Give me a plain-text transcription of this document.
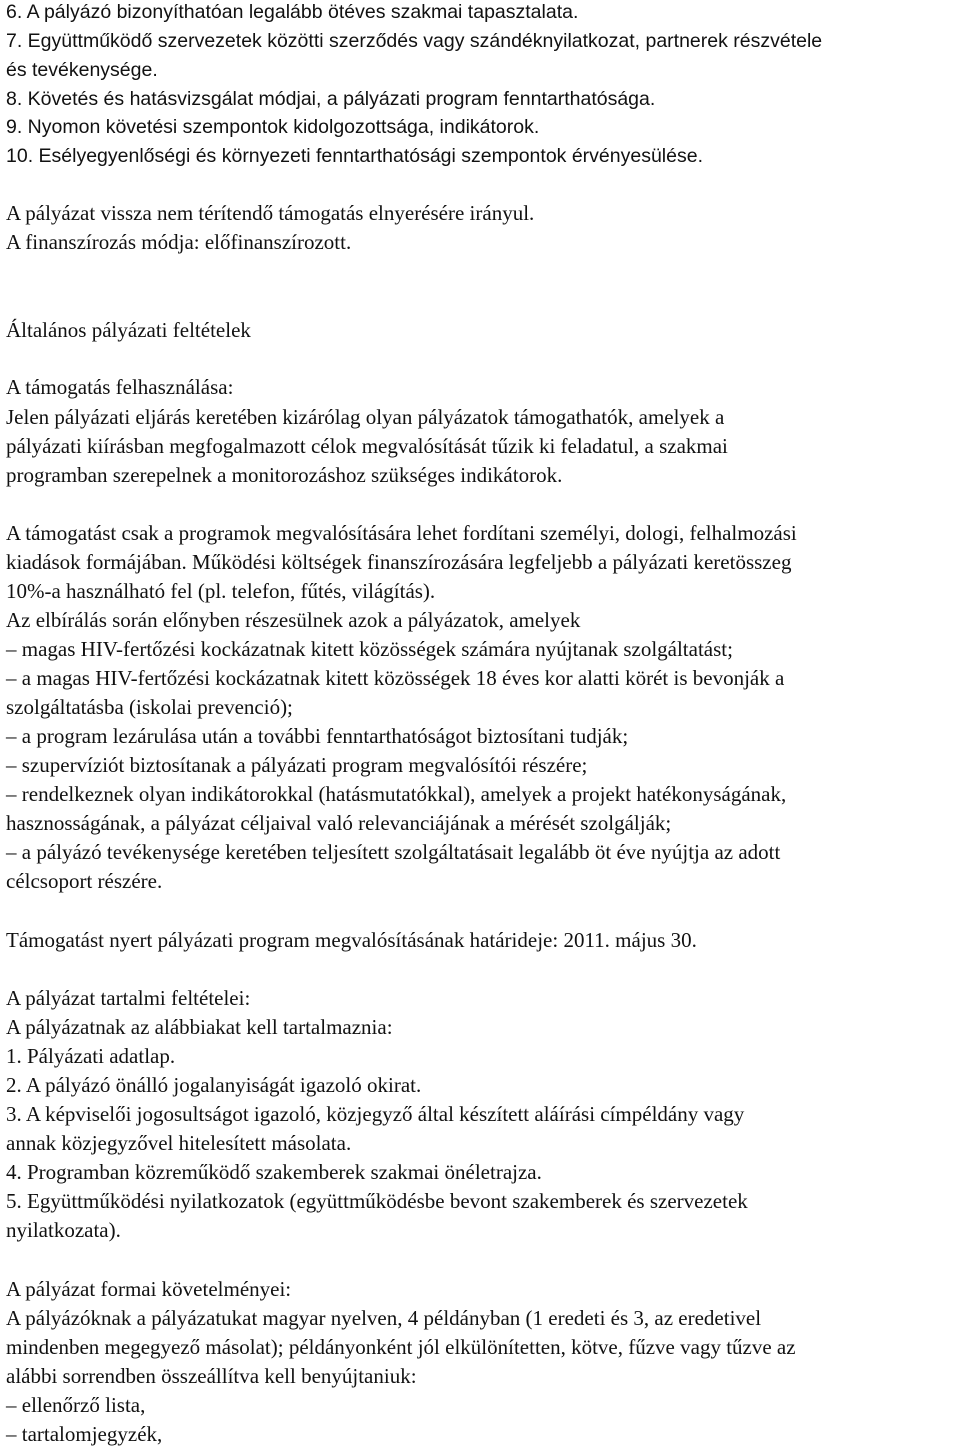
6. A pályázó bizonyíthatóan legalább ötéves szakmai tapasztalata.
7. Együttműködő szervezetek közötti szerződés vagy szándéknyilatkozat, partnerek részvétele
és tevékenysége.
8. Követés és hatásvizsgálat módjai, a pályázati program fenntarthatósága.
9. Nyomon követési szempontok kidolgozottsága, indikátorok.
10. Esélyegyenlőségi és környezeti fenntarthatósági szempontok érvényesülése.
A pályázat vissza nem térítendő támogatás elnyerésére irányul.
A finanszírozás módja: előfinanszírozott.
Általános pályázati feltételek
A támogatás felhasználása:
Jelen pályázati eljárás keretében kizárólag olyan pályázatok támogathatók, amelyek a
pályázati kiírásban megfogalmazott célok megvalósítását tűzik ki feladatul, a szakmai
programban szerepelnek a monitorozáshoz szükséges indikátorok.
A támogatást csak a programok megvalósítására lehet fordítani személyi, dologi, felhalmozási
kiadások formájában. Működési költségek finanszírozására legfeljebb a pályázati keretösszeg
10%-a használható fel (pl. telefon, fűtés, világítás).
Az elbírálás során előnyben részesülnek azok a pályázatok, amelyek
– magas HIV-fertőzési kockázatnak kitett közösségek számára nyújtanak szolgáltatást;
– a magas HIV-fertőzési kockázatnak kitett közösségek 18 éves kor alatti körét is bevonják a
szolgáltatásba (iskolai prevenció);
– a program lezárulása után a további fenntarthatóságot biztosítani tudják;
– szupervíziót biztosítanak a pályázati program megvalósítói részére;
– rendelkeznek olyan indikátorokkal (hatásmutatókkal), amelyek a projekt hatékonyságának,
hasznosságának, a pályázat céljaival való relevanciájának a mérését szolgálják;
– a pályázó tevékenysége keretében teljesített szolgáltatásait legalább öt éve nyújtja az adott
célcsoport részére.
Támogatást nyert pályázati program megvalósításának határideje: 2011. május 30.
A pályázat tartalmi feltételei:
A pályázatnak az alábbiakat kell tartalmaznia:
1. Pályázati adatlap.
2. A pályázó önálló jogalanyiságát igazoló okirat.
3. A képviselői jogosultságot igazoló, közjegyző által készített aláírási címpéldány vagy
annak közjegyzővel hitelesített másolata.
4. Programban közreműködő szakemberek szakmai önéletrajza.
5. Együttműködési nyilatkozatok (együttműködésbe bevont szakemberek és szervezetek
nyilatkozata).
A pályázat formai követelményei:
A pályázóknak a pályázatukat magyar nyelven, 4 példányban (1 eredeti és 3, az eredetivel
mindenben megegyező másolat); példányonként jól elkülönítetten, kötve, fűzve vagy tűzve az
alábbi sorrendben összeállítva kell benyújtaniuk:
– ellenőrző lista,
– tartalomjegyzék,
